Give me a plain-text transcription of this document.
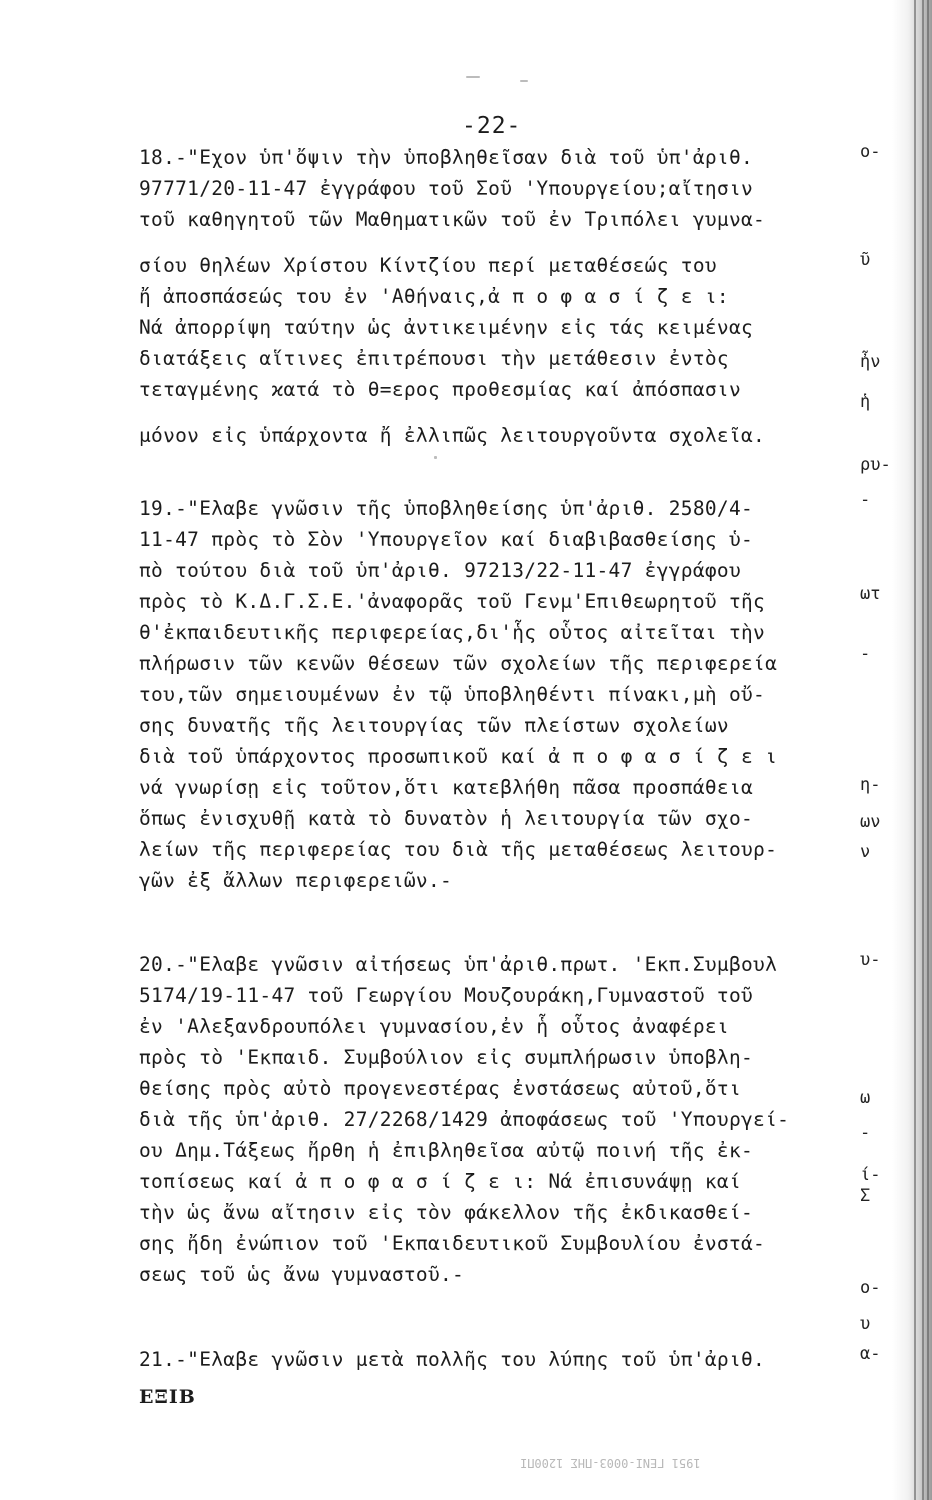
-22-
18.-"Εχον ὑπ'ὄψιν τὴν ὑποβληθεῖσαν διὰ τοῦ ὑπ'ἀριθ.
97771/20-11-47 ἐγγράφου τοῦ Σοῦ 'Υπουργείου;αἴτησιν
τοῦ καθηγητοῦ τῶν Μαθηματικῶν τοῦ ἐν Τριπόλει γυμνα-
σίου θηλέων Χρίστου Κίντζίου περί μεταθέσεώς του
ἤ ἀποσπάσεώς του ἐν 'Αθήναις,ἀ π ο φ α σ ί ζ ε ι:
Νά ἀπορρίψη ταύτην ὡς ἀντικειμένην εἰς τάς κειμένας
διατάξεις αἵτινες ἐπιτρέπουσι τὴν μετάθεσιν ἐντὸς
τεταγμένης ϰατά τὸ θ=ερος προθεσμίας καί ἀπόσπασιν
μόνον εἰς ὑπάρχοντα ἤ ἐλλιπῶς λειτουργοῦντα σχολεῖα.
19.-"Ελαβε γνῶσιν τῆς ὑποβληθείσης ὑπ'ἀριθ. 2580/4-
11-47 πρὸς τὸ Σὸν 'Υπουργεῖον καί διαβιβασθείσης ὑ-
πὸ τούτου διὰ τοῦ ὑπ'ἀριθ. 97213/22-11-47 ἐγγράφου
πρὸς τὸ Κ.Δ.Γ.Σ.Ε.'ἀναφορᾶς τοῦ Γενμ'Επιθεωρητοῦ τῆς
θ'ἐκπαιδευτικῆς περιφερείας,δι'ἧς οὗτος αἰτεῖται τὴν
πλήρωσιν τῶν κενῶν θέσεων τῶν σχολείων τῆς περιφερεία
του,τῶν σημειουμένων ἐν τῷ ὑποβληθέντι πίνακι,μὴ οὔ-
σης δυνατῆς τῆς λειτουργίας τῶν πλείστων σχολείων
διὰ τοῦ ὑπάρχοντος προσωπικοῦ καί ἀ π ο φ α σ ί ζ ε ι
νά γνωρίσῃ εἰς τοῦτον,ὅτι κατεβλήθη πᾶσα προσπάθεια
ὅπως ἐνισχυθῇ κατὰ τὸ δυνατὸν ἡ λειτουργία τῶν σχο-
λείων τῆς περιφερείας του διὰ τῆς μεταθέσεως λειτουρ-
γῶν ἐξ ἄλλων περιφερειῶν.-
20.-"Ελαβε γνῶσιν αἰτήσεως ὑπ'ἀριθ.πρωτ. 'Εκπ.Συμβουλ
5174/19-11-47 τοῦ Γεωργίου Μουζουράκη,Γυμναστοῦ τοῦ
ἐν 'Αλεξανδρουπόλει γυμνασίου,ἐν ἧ οὗτος ἀναφέρει
πρὸς τὸ 'Εκπαιδ. Συμβούλιον εἰς συμπλήρωσιν ὑποβλη-
θείσης πρὸς αὐτὸ προγενεστέρας ἐνστάσεως αὐτοῦ,ὅτι
διὰ τῆς ὑπ'ἀριθ. 27/2268/1429 ἀποφάσεως τοῦ 'Υπουργεί-
ου Δημ.Τάξεως ἤρθη ἡ ἐπιβληθεῖσα αὐτῷ ποινή τῆς ἐκ-
τοπίσεως καί ἀ π ο φ α σ ί ζ ε ι: Νά ἐπισυνάψῃ καί
τὴν ὡς ἄνω αἴτησιν εἰς τὸν φάκελλον τῆς ἐκδικασθεί-
σης ἤδη ἐνώπιον τοῦ 'Εκπαιδευτικοῦ Συμβουλίου ἐνστά-
σεως τοῦ ὡς ἄνω γυμναστοῦ.-
21.-"Ελαβε γνῶσιν μετὰ πολλῆς του λύπης τοῦ ὑπ'ἀριθ.
ο-
ῦ
ἦν
ἡ
ρυ-
-
ωτ
-
η-
ων
ν
υ-
ω
-
ί-
Σ
ο-
υ
α-
ΕΞΙΒ
1951 ΓΕΝΙ-0003-ΠΗΣ 1200ΠΙ
